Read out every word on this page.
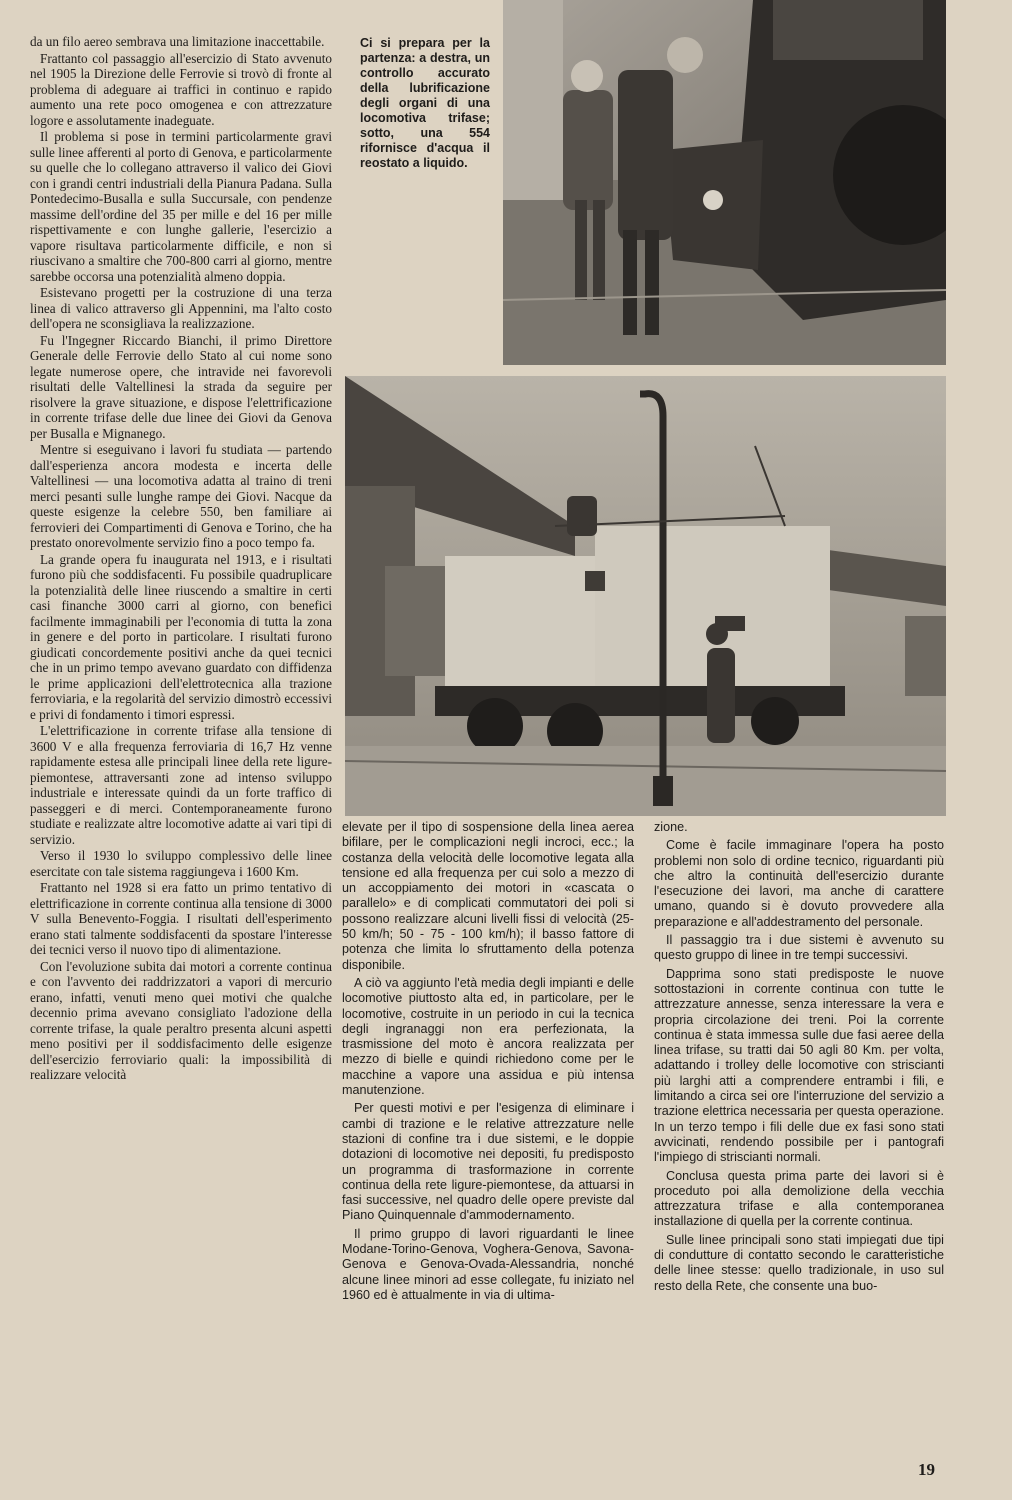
da un filo aereo sembrava una limitazione inaccettabile.

Frattanto col passaggio all'esercizio di Stato avvenuto nel 1905 la Direzione delle Ferrovie si trovò di fronte al problema di adeguare ai traffici in continuo e rapido aumento una rete poco omogenea e con attrezzature logore e assolutamente inadeguate.

Il problema si pose in termini particolarmente gravi sulle linee afferenti al porto di Genova, e particolarmente su quelle che lo collegano attraverso il valico dei Giovi con i grandi centri industriali della Pianura Padana. Sulla Pontedecimo-Busalla e sulla Succursale, con pendenze massime dell'ordine del 35 per mille e del 16 per mille rispettivamente e con lunghe gallerie, l'esercizio a vapore risultava particolarmente difficile, e non si riuscivano a smaltire che 700-800 carri al giorno, mentre sarebbe occorsa una potenzialità almeno doppia.

Esistevano progetti per la costruzione di una terza linea di valico attraverso gli Appennini, ma l'alto costo dell'opera ne sconsigliava la realizzazione.

Fu l'Ingegner Riccardo Bianchi, il primo Direttore Generale delle Ferrovie dello Stato al cui nome sono legate numerose opere, che intravide nei favorevoli risultati delle Valtellinesi la strada da seguire per risolvere la grave situazione, e dispose l'elettrificazione in corrente trifase delle due linee dei Giovi da Genova per Busalla e Mignanego.

Mentre si eseguivano i lavori fu studiata — partendo dall'esperienza ancora modesta e incerta delle Valtellinesi — una locomotiva adatta al traino di treni merci pesanti sulle lunghe rampe dei Giovi. Nacque da queste esigenze la celebre 550, ben familiare ai ferrovieri dei Compartimenti di Genova e Torino, che ha prestato onorevolmente servizio fino a poco tempo fa.

La grande opera fu inaugurata nel 1913, e i risultati furono più che soddisfacenti. Fu possibile quadruplicare la potenzialità delle linee riuscendo a smaltire in certi casi finanche 3000 carri al giorno, con benefici facilmente immaginabili per l'economia di tutta la zona in genere e del porto in particolare. I risultati furono giudicati concordemente positivi anche da quei tecnici che in un primo tempo avevano guardato con diffidenza le prime applicazioni dell'elettrotecnica alla trazione ferroviaria, e la regolarità del servizio dimostrò eccessivi e privi di fondamento i timori espressi.

L'elettrificazione in corrente trifase alla tensione di 3600 V e alla frequenza ferroviaria di 16,7 Hz venne rapidamente estesa alle principali linee della rete ligure-piemontese, attraversanti zone ad intenso sviluppo industriale e interessate quindi da un forte traffico di passeggeri e di merci. Contemporaneamente furono studiate e realizzate altre locomotive adatte ai vari tipi di servizio.

Verso il 1930 lo sviluppo complessivo delle linee esercitate con tale sistema raggiungeva i 1600 Km.

Frattanto nel 1928 si era fatto un primo tentativo di elettrificazione in corrente continua alla tensione di 3000 V sulla Benevento-Foggia. I risultati dell'esperimento erano stati talmente soddisfacenti da spostare l'interesse dei tecnici verso il nuovo tipo di alimentazione.

Con l'evoluzione subita dai motori a corrente continua e con l'avvento dei raddrizzatori a vapori di mercurio erano, infatti, venuti meno quei motivi che qualche decennio prima avevano consigliato l'adozione della corrente trifase, la quale peraltro presenta alcuni aspetti meno positivi per il soddisfacimento delle esigenze dell'esercizio ferroviario quali: la impossibilità di realizzare velocità

Ci si prepara per la partenza: a destra, un controllo accurato della lubrificazione degli organi di una locomotiva trifase; sotto, una 554 rifornisce d'acqua il reostato a liquido.

elevate per il tipo di sospensione della linea aerea bifilare, per le complicazioni negli incroci, ecc.; la costanza della velocità delle locomotive legata alla tensione ed alla frequenza per cui solo a mezzo di un accoppiamento dei motori in «cascata o parallelo» e di complicati commutatori dei poli si possono realizzare alcuni livelli fissi di velocità (25-50 km/h; 50 - 75 - 100 km/h); il basso fattore di potenza che limita lo sfruttamento della potenza disponibile.

A ciò va aggiunto l'età media degli impianti e delle locomotive piuttosto alta ed, in particolare, per le locomotive, costruite in un periodo in cui la tecnica degli ingranaggi non era perfezionata, la trasmissione del moto è ancora realizzata per mezzo di bielle e quindi richiedono come per le macchine a vapore una assidua e più intensa manutenzione.

Per questi motivi e per l'esigenza di eliminare i cambi di trazione e le relative attrezzature nelle stazioni di confine tra i due sistemi, e le doppie dotazioni di locomotive nei depositi, fu predisposto un programma di trasformazione in corrente continua della rete ligure-piemontese, da attuarsi in fasi successive, nel quadro delle opere previste dal Piano Quinquennale d'ammodernamento.

Il primo gruppo di lavori riguardanti le linee Modane-Torino-Genova, Voghera-Genova, Savona-Genova e Genova-Ovada-Alessandria, nonché alcune linee minori ad esse collegate, fu iniziato nel 1960 ed è attualmente in via di ultima-

zione.

Come è facile immaginare l'opera ha posto problemi non solo di ordine tecnico, riguardanti più che altro la continuità dell'esercizio durante l'esecuzione dei lavori, ma anche di carattere umano, quando si è dovuto provvedere alla preparazione e all'addestramento del personale.

Il passaggio tra i due sistemi è avvenuto su questo gruppo di linee in tre tempi successivi.

Dapprima sono stati predisposte le nuove sottostazioni in corrente continua con tutte le attrezzature annesse, senza interessare la vera e propria circolazione dei treni. Poi la corrente continua è stata immessa sulle due fasi aeree della linea trifase, su tratti dai 50 agli 80 Km. per volta, adattando i trolley delle locomotive con striscianti più larghi atti a comprendere entrambi i fili, e limitando a circa sei ore l'interruzione del servizio a trazione elettrica necessaria per questa operazione. In un terzo tempo i fili delle due ex fasi sono stati avvicinati, rendendo possibile per i pantografi l'impiego di striscianti normali.

Conclusa questa prima parte dei lavori si è proceduto poi alla demolizione della vecchia attrezzatura trifase e alla contemporanea installazione di quella per la corrente continua.

Sulle linee principali sono stati impiegati due tipi di condutture di contatto secondo le caratteristiche delle linee stesse: quello tradizionale, in uso sul resto della Rete, che consente una buo-

19
